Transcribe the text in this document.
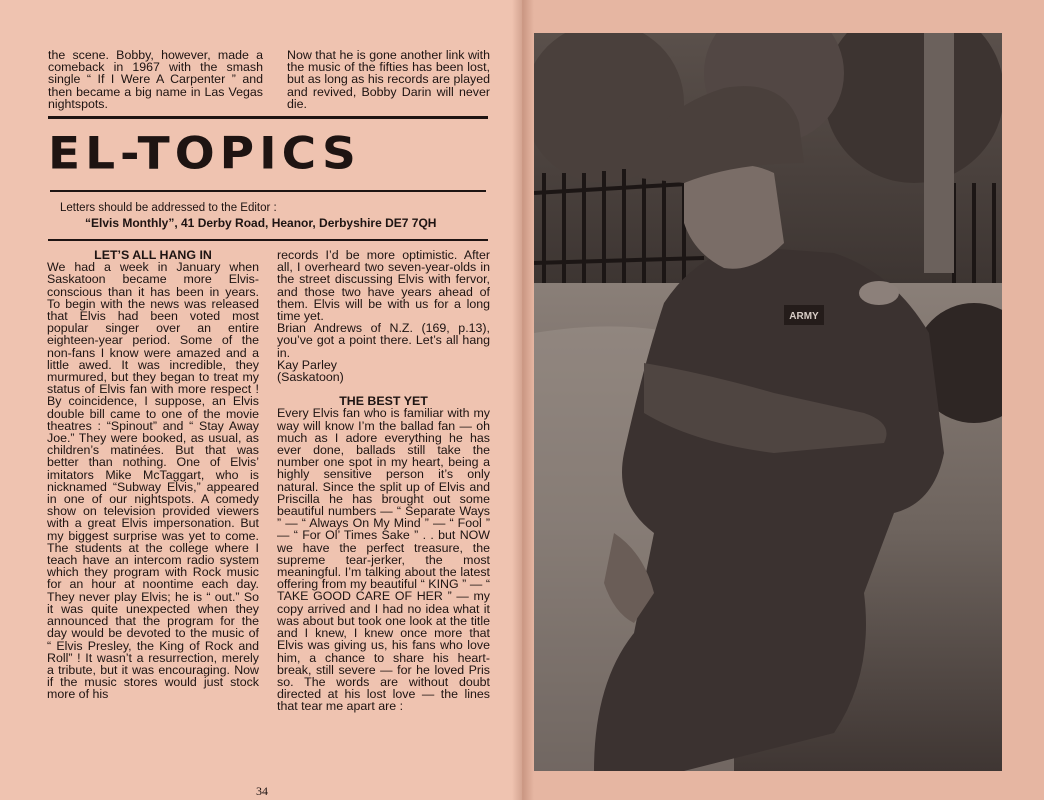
the scene. Bobby, however, made a comeback in 1967 with the smash single “ If I Were A Carpenter ” and then became a big name in Las Vegas nightspots.
Now that he is gone another link with the music of the fifties has been lost, but as long as his records are played and revived, Bobby Darin will never die.
EL-TOPICS
Letters should be addressed to the Editor :
“Elvis Monthly”, 41 Derby Road, Heanor, Derbyshire DE7 7QH
LET’S ALL HANG IN

We had a week in January when Saskatoon became more Elvis-conscious than it has been in years. To begin with the news was released that Elvis had been voted most popular singer over an entire eighteen-year period. Some of the non-fans I know were amazed and a little awed. It was incredible, they murmured, but they began to treat my status of Elvis fan with more respect ! By coincidence, I suppose, an Elvis double bill came to one of the movie theatres : “Spinout” and “ Stay Away Joe.” They were booked, as usual, as children’s matinées. But that was better than nothing. One of Elvis’ imitators Mike McTaggart, who is nicknamed “Subway Elvis,” appeared in one of our nightspots. A comedy show on television provided viewers with a great Elvis impersonation. But my biggest surprise was yet to come. The students at the college where I teach have an intercom radio system which they program with Rock music for an hour at noontime each day. They never play Elvis; he is “ out.” So it was quite unexpected when they announced that the program for the day would be devoted to the music of “ Elvis Presley, the King of Rock and Roll” ! It wasn’t a resurrection, merely a tribute, but it was encouraging. Now if the music stores would just stock more of his

records I’d be more optimistic. After all, I overheard two seven-year-olds in the street discussing Elvis with fervor, and those two have years ahead of them. Elvis will be with us for a long time yet.

Brian Andrews of N.Z. (169, p.13), you’ve got a point there. Let’s all hang in.

Kay Parley
(Saskatoon)
THE BEST YET

Every Elvis fan who is familiar with my way will know I’m the ballad fan — oh much as I adore everything he has ever done, ballads still take the number one spot in my heart, being a highly sensitive person it’s only natural. Since the split up of Elvis and Priscilla he has brought out some beautiful numbers — “ Separate Ways ” — “ Always On My Mind ” — “ Fool ” — “ For Ol’ Times Sake ” . . but NOW we have the perfect treasure, the supreme tear-jerker, the most meaningful. I’m talking about the latest offering from my beautiful “ KING ” — “ TAKE GOOD CARE OF HER ” — my copy arrived and I had no idea what it was about but took one look at the title and I knew, I knew once more that Elvis was giving us, his fans who love him, a chance to share his heart-break, still severe — for he loved Pris so. The words are without doubt directed at his lost love — the lines that tear me apart are :

34
ARMY
